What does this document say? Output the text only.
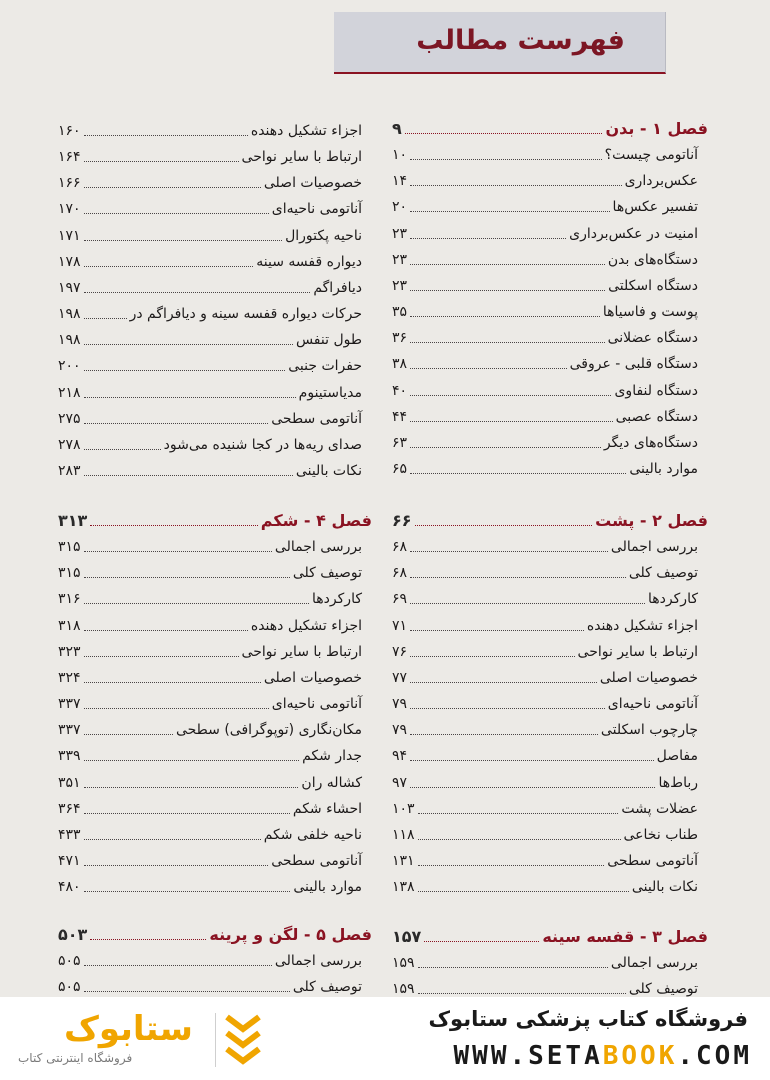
فهرست مطالب
فصل ۱ - بدن
۹
آناتومی چیست؟
۱۰
عکس‌برداری
۱۴
تفسیر عکس‌ها
۲۰
امنیت در عکس‌برداری
۲۳
دستگاه‌های بدن
۲۳
دستگاه اسکلتی
۲۳
پوست و فاسیاها
۳۵
دستگاه عضلانی
۳۶
دستگاه قلبی - عروقی
۳۸
دستگاه لنفاوی
۴۰
دستگاه عصبی
۴۴
دستگاه‌های دیگر
۶۳
موارد بالینی
۶۵
فصل ۲ - پشت
۶۶
بررسی اجمالی
۶۸
توصیف کلی
۶۸
کارکردها
۶۹
اجزاء تشکیل دهنده
۷۱
ارتباط با سایر نواحی
۷۶
خصوصیات اصلی
۷۷
آناتومی ناحیه‌ای
۷۹
چارچوب اسکلتی
۷۹
مفاصل
۹۴
رباط‌ها
۹۷
عضلات پشت
۱۰۳
طناب نخاعی
۱۱۸
آناتومی سطحی
۱۳۱
نکات بالینی
۱۳۸
فصل ۳ - قفسه سینه
۱۵۷
بررسی اجمالی
۱۵۹
توصیف کلی
۱۵۹
اجزاء تشکیل دهنده
۱۶۰
ارتباط با سایر نواحی
۱۶۴
خصوصیات اصلی
۱۶۶
آناتومی ناحیه‌ای
۱۷۰
ناحیه پکتورال
۱۷۱
دیواره قفسه سینه
۱۷۸
دیافراگم
۱۹۷
حرکات دیواره قفسه سینه و دیافراگم در
۱۹۸
طول تنفس
۱۹۸
حفرات جنبی
۲۰۰
مدیاستینوم
۲۱۸
آناتومی سطحی
۲۷۵
صدای ریه‌ها در کجا شنیده می‌شود
۲۷۸
نکات بالینی
۲۸۳
فصل ۴ - شکم
۳۱۳
بررسی اجمالی
۳۱۵
توصیف کلی
۳۱۵
کارکردها
۳۱۶
اجزاء تشکیل دهنده
۳۱۸
ارتباط با سایر نواحی
۳۲۳
خصوصیات اصلی
۳۲۴
آناتومی ناحیه‌ای
۳۳۷
مکان‌نگاری (توپوگرافی) سطحی
۳۳۷
جدار شکم
۳۳۹
کشاله ران
۳۵۱
احشاء شکم
۳۶۴
ناحیه خلفی شکم
۴۳۳
آناتومی سطحی
۴۷۱
موارد بالینی
۴۸۰
فصل ۵ - لگن و پرینه
۵۰۳
بررسی اجمالی
۵۰۵
توصیف کلی
۵۰۵
ستابوک
فروشگاه اینترنتی کتاب
فروشگاه کتاب پزشکی ستابوک
WWW.SETABOOK.COM
